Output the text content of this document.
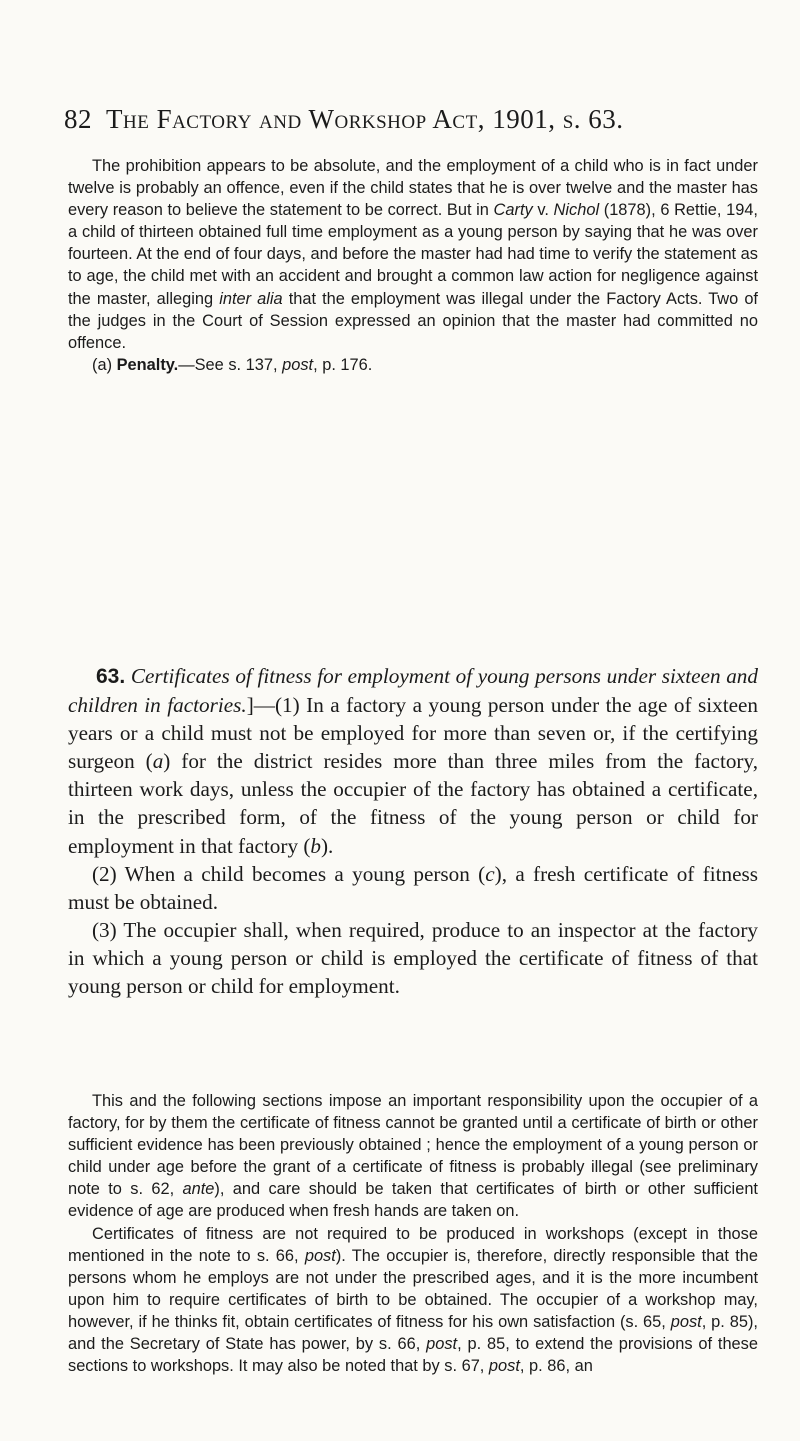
82 The Factory and Workshop Act, 1901, s. 63.

The prohibition appears to be absolute, and the employment of a child who is in fact under twelve is probably an offence, even if the child states that he is over twelve and the master has every reason to believe the statement to be correct. But in Carty v. Nichol (1878), 6 Rettie, 194, a child of thirteen obtained full time employment as a young person by saying that he was over fourteen. At the end of four days, and before the master had had time to verify the statement as to age, the child met with an accident and brought a common law action for negligence against the master, alleging inter alia that the employment was illegal under the Factory Acts. Two of the judges in the Court of Session expressed an opinion that the master had committed no offence.

(a) Penalty.—See s. 137, post, p. 176.

63. Certificates of fitness for employment of young persons under sixteen and children in factories.]—(1) In a factory a young person under the age of sixteen years or a child must not be employed for more than seven or, if the certifying surgeon (a) for the district resides more than three miles from the factory, thirteen work days, unless the occupier of the factory has obtained a certificate, in the prescribed form, of the fitness of the young person or child for employment in that factory (b).

(2) When a child becomes a young person (c), a fresh certificate of fitness must be obtained.

(3) The occupier shall, when required, produce to an inspector at the factory in which a young person or child is employed the certificate of fitness of that young person or child for employment.

This and the following sections impose an important responsibility upon the occupier of a factory, for by them the certificate of fitness cannot be granted until a certificate of birth or other sufficient evidence has been previously obtained ; hence the employment of a young person or child under age before the grant of a certificate of fitness is probably illegal (see preliminary note to s. 62, ante), and care should be taken that certificates of birth or other sufficient evidence of age are produced when fresh hands are taken on.

Certificates of fitness are not required to be produced in workshops (except in those mentioned in the note to s. 66, post). The occupier is, therefore, directly responsible that the persons whom he employs are not under the prescribed ages, and it is the more incumbent upon him to require certificates of birth to be obtained. The occupier of a workshop may, however, if he thinks fit, obtain certificates of fitness for his own satisfaction (s. 65, post, p. 85), and the Secretary of State has power, by s. 66, post, p. 85, to extend the provisions of these sections to workshops. It may also be noted that by s. 67, post, p. 86, an
